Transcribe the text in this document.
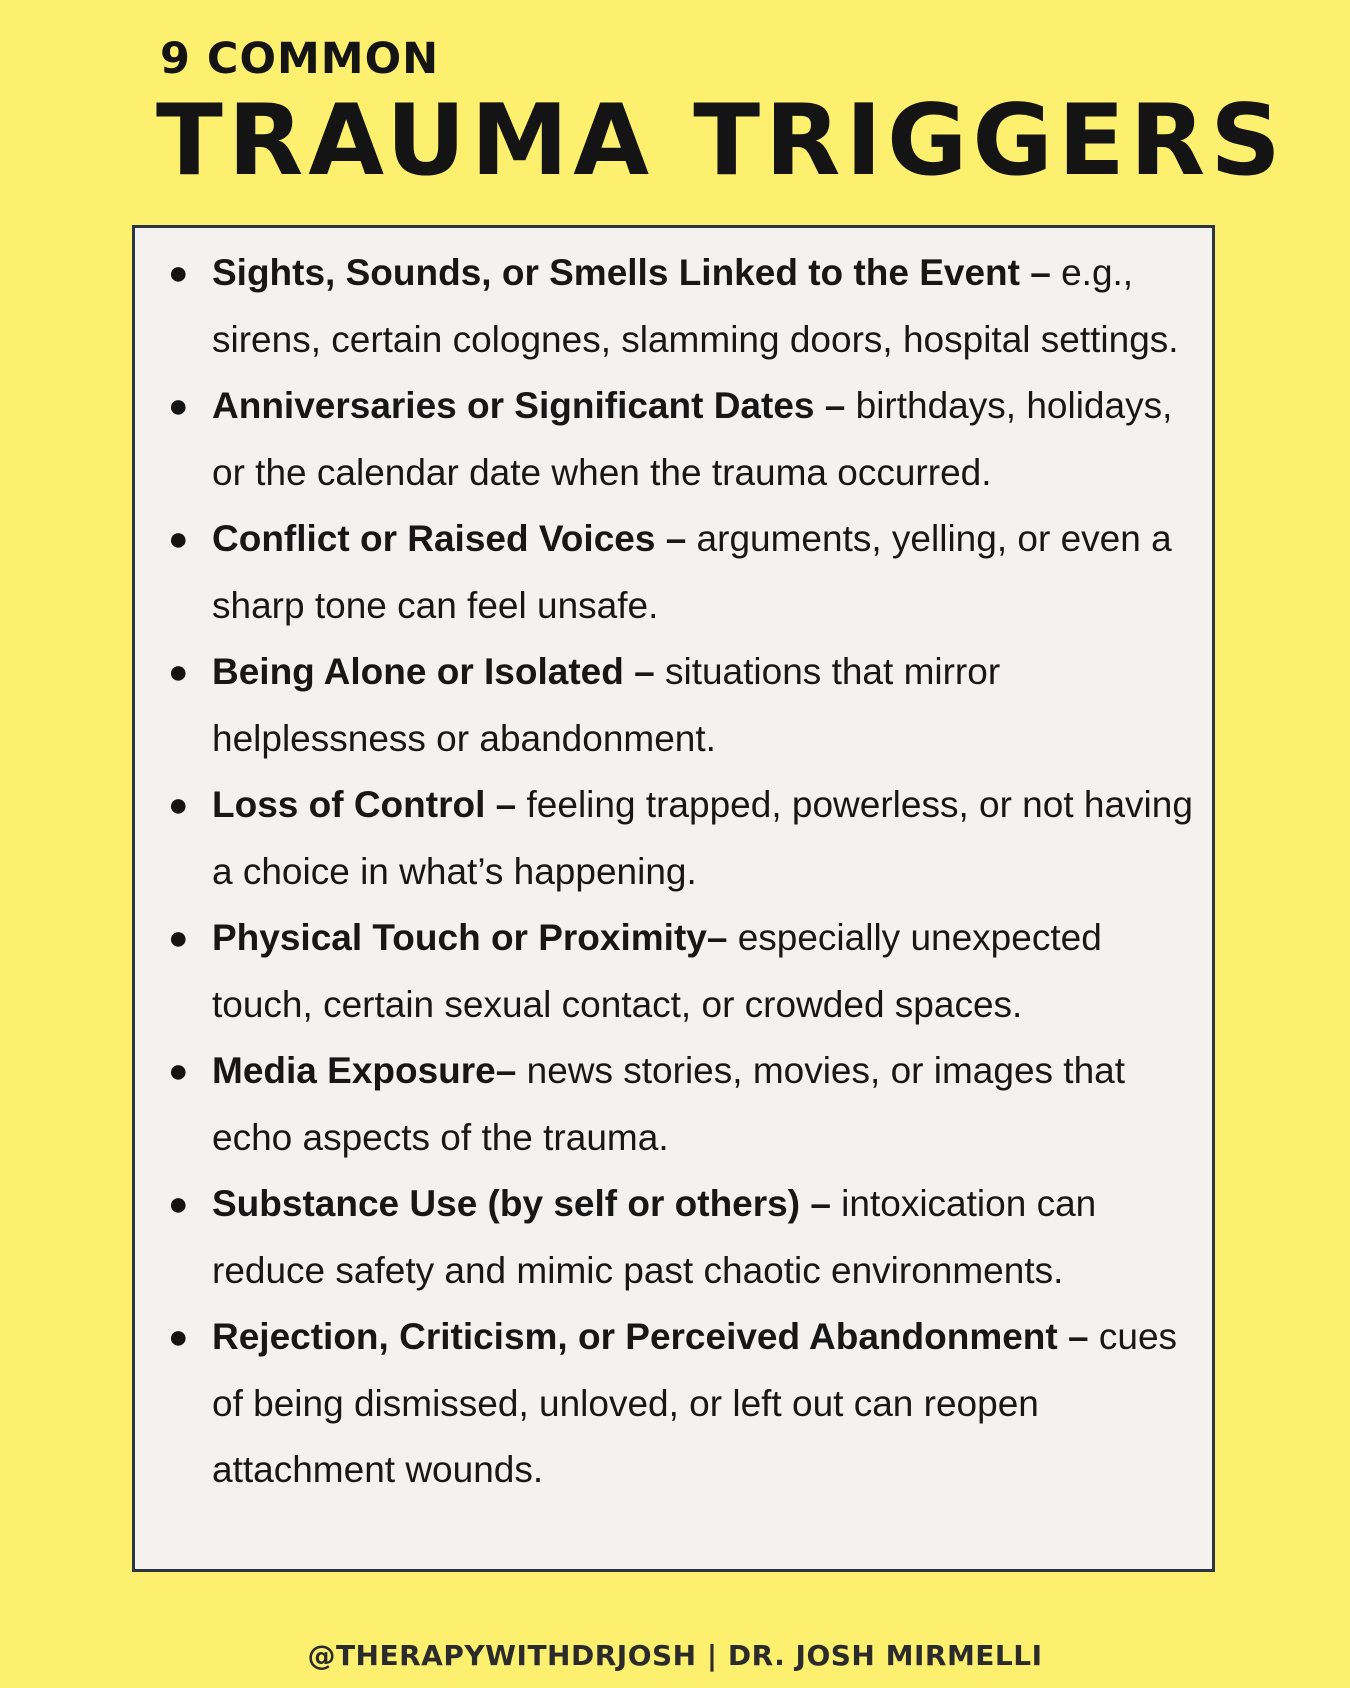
9 COMMON
TRAUMA TRIGGERS
● Sights, Sounds, or Smells Linked to the Event – e.g., sirens, certain colognes, slamming doors, hospital settings.
● Anniversaries or Significant Dates – birthdays, holidays, or the calendar date when the trauma occurred.
● Conflict or Raised Voices – arguments, yelling, or even a sharp tone can feel unsafe.
● Being Alone or Isolated – situations that mirror helplessness or abandonment.
● Loss of Control – feeling trapped, powerless, or not having a choice in what’s happening.
● Physical Touch or Proximity– especially unexpected touch, certain sexual contact, or crowded spaces.
● Media Exposure– news stories, movies, or images that echo aspects of the trauma.
● Substance Use (by self or others) – intoxication can reduce safety and mimic past chaotic environments.
● Rejection, Criticism, or Perceived Abandonment – cues of being dismissed, unloved, or left out can reopen attachment wounds.
@THERAPYWITHDRJOSH | DR. JOSH MIRMELLI
